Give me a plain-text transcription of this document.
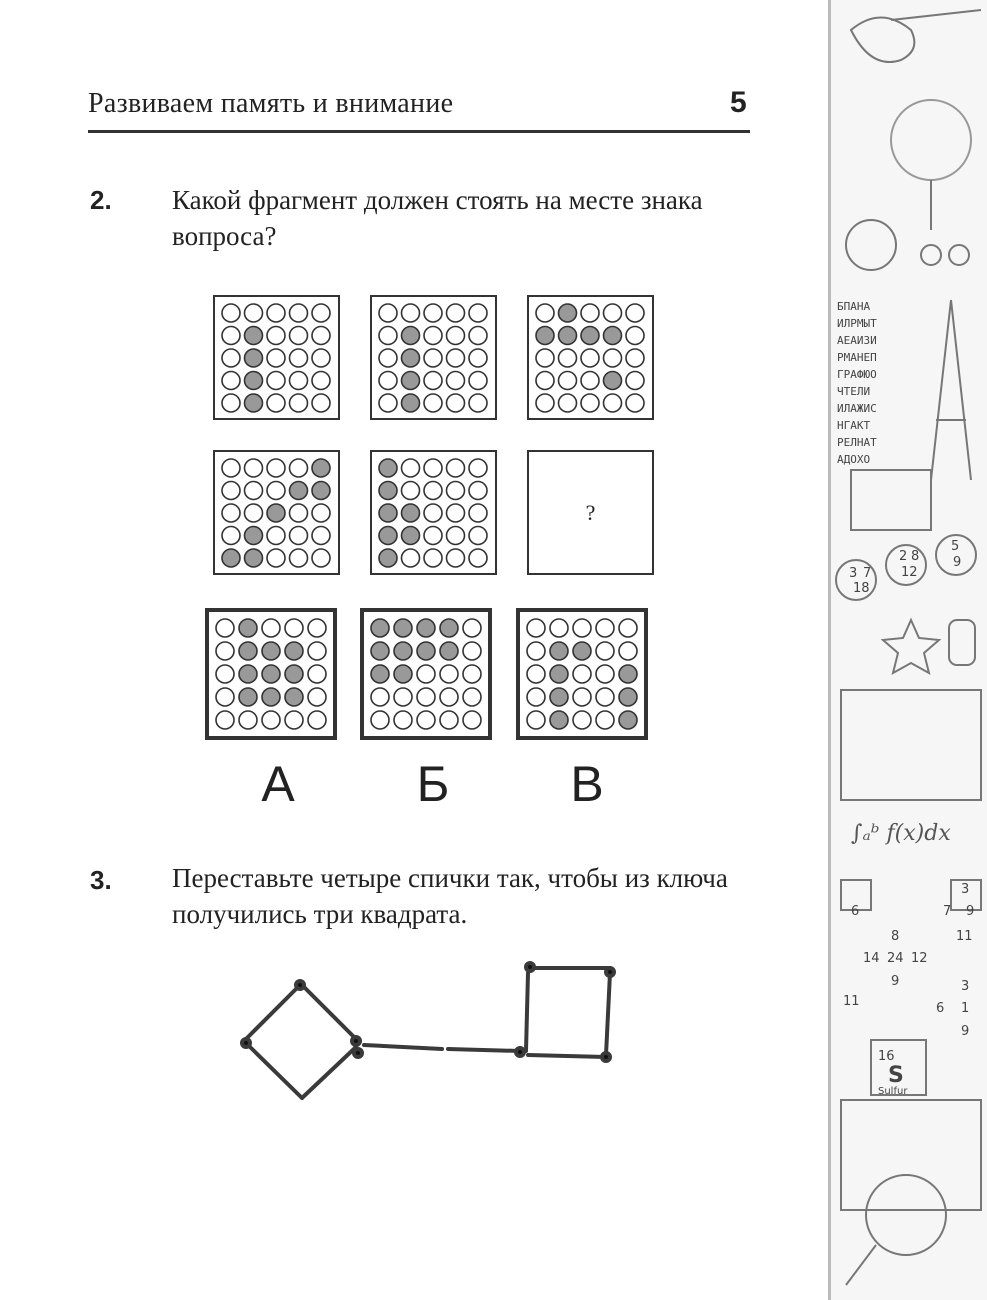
Развиваем память и внимание	5
2. Какой фрагмент должен стоять на месте знака
вопроса?
?
А	Б	В
3. Переставьте четыре спички так, чтобы из ключа
получились три квадрата.
БПАНА
ИЛРМЫТ
АЕАИЗИ
РМАНЕП
ГРАФЮО
ЧТЕЛИ
ИЛАЖИС
НГАКТ
РЕЛНАТ
АДОХО
∫ₐᵇ f(x)dx
16
S
Sulfur
6
3
7 9
11
8
14 24 12
9
11	6
3
1
9
3 7
18
2 8
12
5
9
